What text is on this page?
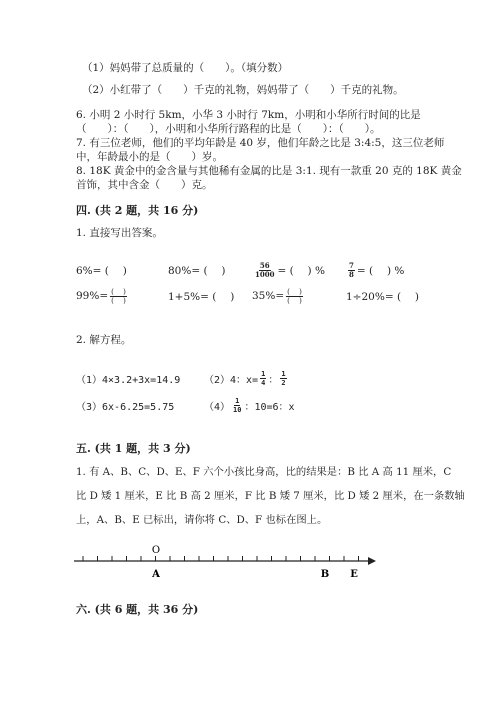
（1）妈妈带了总质量的（　　）。（填分数）
（2）小红带了（　　）千克的礼物，妈妈带了（　　）千克的礼物。
6. 小明 2 小时行 5km，小华 3 小时行 7km，小明和小华所行时间的比是
（　　）：（　　），小明和小华所行路程的比是（　　）：（　　）。
7. 有三位老师，他们的平均年龄是 40 岁，他们年龄之比是 3:4:5，这三位老师
中，年龄最小的是（　　）岁。
8. 18K 黄金中的金含量与其他稀有金属的比是 3:1. 现有一款重 20 克的 18K 黄金
首饰，其中含金（　　）克。
四. (共 2 题，共 16 分)
1. 直接写出答案。
6%= (　 )	80%= (　 )	$\frac{56}{1000}$ = (　 ) %	$\frac{7}{8}$ = (　 ) %
$99\%= \frac{( )}{( )}$	1+5%= (　 ) $35\%= \frac{( )}{( )}$	1÷20%= (　 )
2. 解方程。
（1）4×3.2+3x=14.9 （2）4：$x= \frac{1}{4}$ ： $\frac{1}{2}$
（3）6x-6.25=5.75	$(4) \frac{1}{10}$ ：10=6：x
五. (共 1 题，共 3 分)
1. 有 A、B、C、D、E、F 六个小孩比身高，比的结果是：B 比 A 高 11 厘米，C
比 D 矮 1 厘米，E 比 B 高 2 厘米，F 比 B 矮 7 厘米，比 D 矮 2 厘米，在一条数轴
上，A、B、E 已标出，请你将 C、D、F 也标在图上。
O
A	B E
六. (共 6 题，共 36 分)
